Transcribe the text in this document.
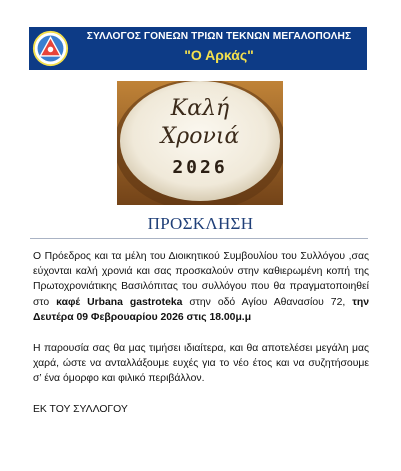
ΣΥΛΛΟΓΟΣ ΓΟΝΕΩΝ ΤΡΙΩΝ ΤΕΚΝΩΝ ΜΕΓΑΛΟΠΟΛΗΣ
"Ο Αρκάς"
Καλή
Χρονιά
2026
ΠΡΟΣΚΛΗΣΗ
Ο Πρόεδρος και τα μέλη του Διοικητικού Συμβουλίου του Συλλόγου ,σας εύχονται καλή χρονιά και σας προσκαλούν στην καθιερωμένη κοπή της Πρωτοχρονιάτικης Βασιλόπιτας του συλλόγου που θα πραγματοποιηθεί στο καφέ Urbana gastroteka στην οδό Αγίου Αθανασίου 72, την Δευτέρα 09 Φεβρουαρίου 2026 στις 18.00μ.μ
Η παρουσία σας θα μας τιμήσει ιδιαίτερα, και θα αποτελέσει μεγάλη μας χαρά, ώστε να ανταλλάξουμε ευχές για το νέο έτος και να συζητήσουμε σ’ ένα όμορφο και φιλικό περιβάλλον.
ΕΚ ΤΟΥ ΣΥΛΛΟΓΟΥ
